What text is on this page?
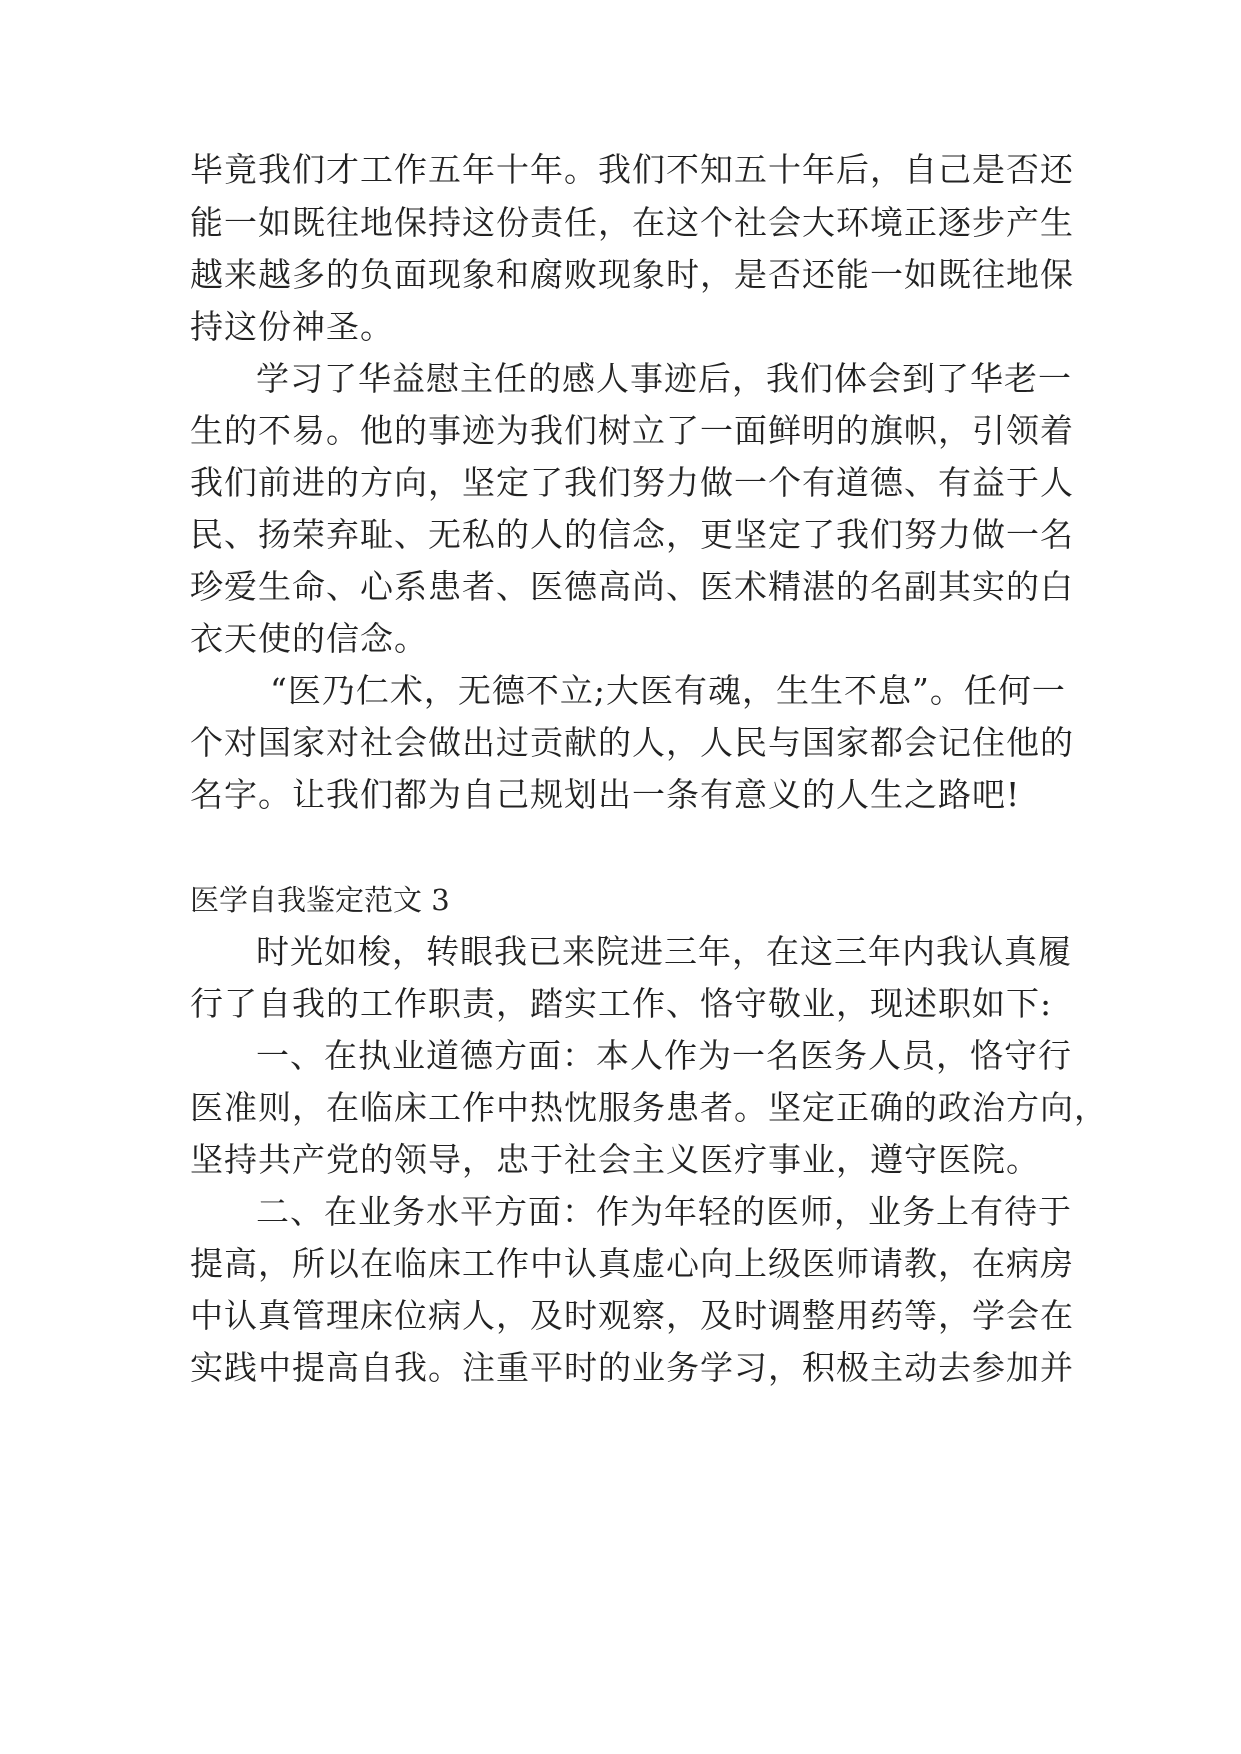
毕竟我们才工作五年十年。我们不知五十年后，自己是否还
能一如既往地保持这份责任，在这个社会大环境正逐步产生
越来越多的负面现象和腐败现象时，是否还能一如既往地保
持这份神圣。
学习了华益慰主任的感人事迹后，我们体会到了华老一
生的不易。他的事迹为我们树立了一面鲜明的旗帜，引领着
我们前进的方向，坚定了我们努力做一个有道德、有益于人
民、扬荣弃耻、无私的人的信念，更坚定了我们努力做一名
珍爱生命、心系患者、医德高尚、医术精湛的名副其实的白
衣天使的信念。
“医乃仁术，无德不立;大医有魂，生生不息”。任何一
个对国家对社会做出过贡献的人，人民与国家都会记住他的
名字。让我们都为自己规划出一条有意义的人生之路吧!
医学自我鉴定范文 3
时光如梭，转眼我已来院进三年，在这三年内我认真履
行了自我的工作职责，踏实工作、恪守敬业，现述职如下:
一、在执业道德方面：本人作为一名医务人员，恪守行
医准则，在临床工作中热忱服务患者。坚定正确的政治方向，
坚持共产党的领导，忠于社会主义医疗事业，遵守医院。
二、在业务水平方面：作为年轻的医师，业务上有待于
提高，所以在临床工作中认真虚心向上级医师请教，在病房
中认真管理床位病人，及时观察，及时调整用药等，学会在
实践中提高自我。注重平时的业务学习，积极主动去参加并
